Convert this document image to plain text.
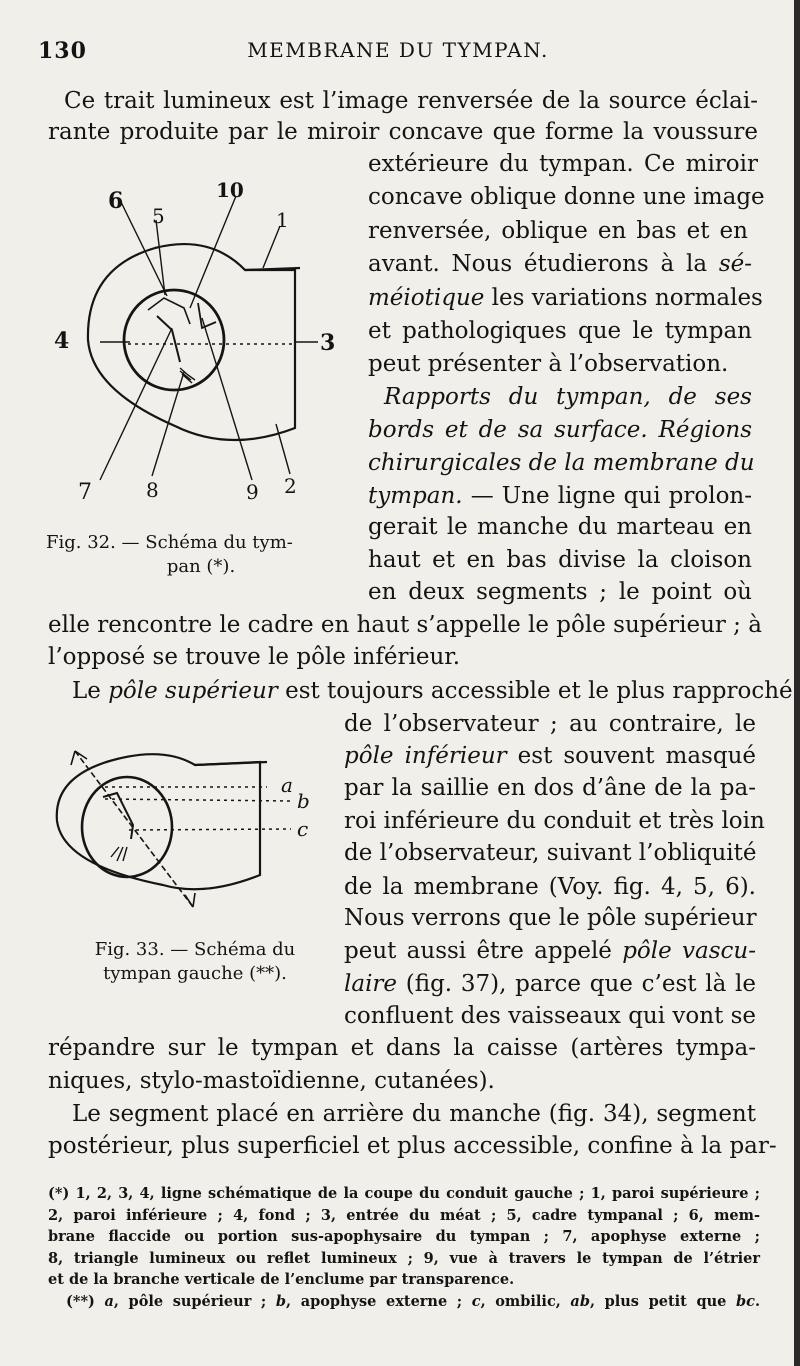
130	MEMBRANE DU TYMPAN.
Ce trait lumineux est l’image renversée de la source éclai-
rante produite par le miroir concave que forme la voussure
extérieure du tympan. Ce miroir
concave oblique donne une image
renversée, oblique en bas et en
avant. Nous étudierons à la sé-
méiotique les variations normales
et pathologiques que le tympan
peut présenter à l’observation.
Rapports du tympan, de ses
bords et de sa surface. Régions
chirurgicales de la membrane du
tympan. — Une ligne qui prolon-
gerait le manche du marteau en
haut et en bas divise la cloison
en deux segments ; le point où
elle rencontre le cadre en haut s’appelle le pôle supérieur ; à
l’opposé se trouve le pôle inférieur.
Le pôle supérieur est toujours accessible et le plus rapproché
de l’observateur ; au contraire, le
pôle inférieur est souvent masqué
par la saillie en dos d’âne de la pa-
roi inférieure du conduit et très loin
de l’observateur, suivant l’obliquité
de la membrane (Voy. fig. 4, 5, 6).
Nous verrons que le pôle supérieur
peut aussi être appelé pôle vascu-
laire (fig. 37), parce que c’est là le
confluent des vaisseaux qui vont se
répandre sur le tympan et dans la caisse (artères tympa-
niques, stylo-mastoïdienne, cutanées).
Le segment placé en arrière du manche (fig. 34), segment
postérieur, plus superficiel et plus accessible, confine à la par-
6
5
10
1
4	3
7	8	9 2
Fig. 32. — Schéma du tym-
pan (*).
a
b
c
Fig. 33. — Schéma du
tympan gauche (**).
(*) 1, 2, 3, 4, ligne schématique de la coupe du conduit gauche ; 1, paroi supérieure ;
2, paroi inférieure ; 4, fond ; 3, entrée du méat ; 5, cadre tympanal ; 6, mem-
brane flaccide ou portion sus-apophysaire du tympan ; 7, apophyse externe ;
8, triangle lumineux ou reflet lumineux ; 9, vue à travers le tympan de l’étrier
et de la branche verticale de l’enclume par transparence.
(**) a, pôle supérieur ; b, apophyse externe ; c, ombilic, ab, plus petit que bc.
